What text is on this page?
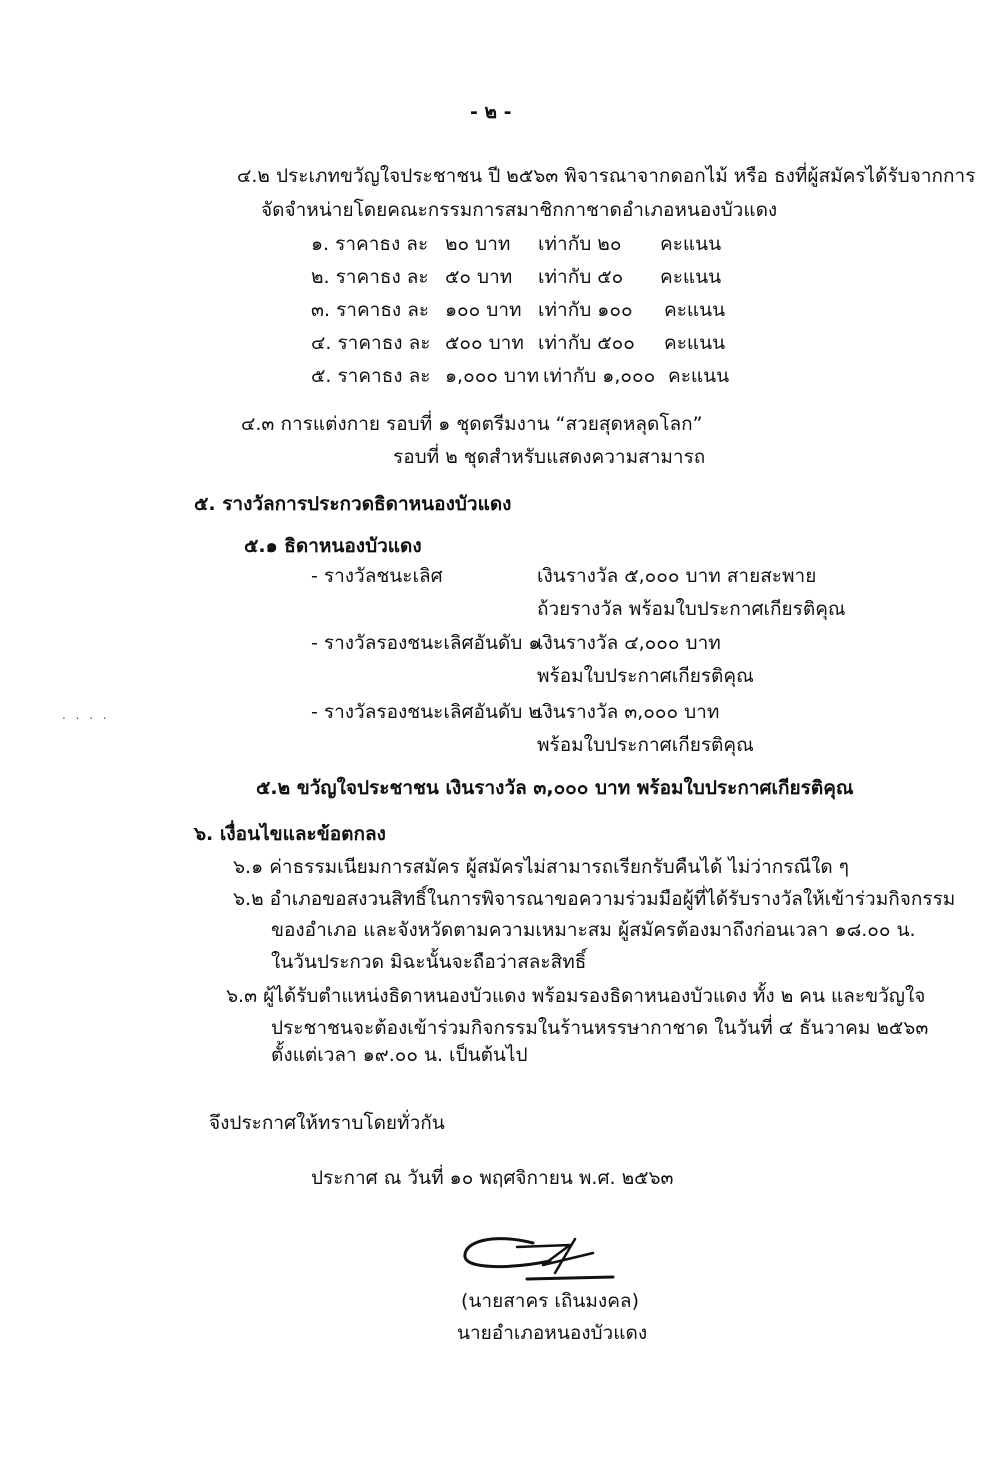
- ๒ -
๔.๒ ประเภทขวัญใจประชาชน ปี ๒๕๖๓ พิจารณาจากดอกไม้ หรือ ธงที่ผู้สมัครได้รับจากการ
จัดจำหน่ายโดยคณะกรรมการสมาชิกกาชาดอำเภอหนองบัวแดง
๑. ราคาธง ละ ๒๐ บาท เท่ากับ ๒๐ คะแนน
๒. ราคาธง ละ ๕๐ บาท เท่ากับ ๕๐ คะแนน
๓. ราคาธง ละ ๑๐๐ บาท เท่ากับ ๑๐๐ คะแนน
๔. ราคาธง ละ ๕๐๐ บาท เท่ากับ ๕๐๐ คะแนน
๕. ราคาธง ละ ๑,๐๐๐ บาท เท่ากับ ๑,๐๐๐ คะแนน
๔.๓ การแต่งกาย รอบที่ ๑ ชุดตรีมงาน “สวยสุดหลุดโลก”
รอบที่ ๒ ชุดสำหรับแสดงความสามารถ
๕. รางวัลการประกวดธิดาหนองบัวแดง
๕.๑ ธิดาหนองบัวแดง
- รางวัลชนะเลิศ	เงินรางวัล ๕,๐๐๐ บาท สายสะพาย
ถ้วยรางวัล พร้อมใบประกาศเกียรติคุณ
- รางวัลรองชนะเลิศอันดับ ๑
เงินรางวัล ๔,๐๐๐ บาท
พร้อมใบประกาศเกียรติคุณ
- รางวัลรองชนะเลิศอันดับ ๒
เงินรางวัล ๓,๐๐๐ บาท
พร้อมใบประกาศเกียรติคุณ
. . . .
๕.๒ ขวัญใจประชาชน เงินรางวัล ๓,๐๐๐ บาท พร้อมใบประกาศเกียรติคุณ
๖. เงื่อนไขและข้อตกลง
๖.๑ ค่าธรรมเนียมการสมัคร ผู้สมัครไม่สามารถเรียกรับคืนได้ ไม่ว่ากรณีใด ๆ
๖.๒ อำเภอขอสงวนสิทธิ์ในการพิจารณาขอความร่วมมือผู้ที่ได้รับรางวัลให้เข้าร่วมกิจกรรม
ของอำเภอ และจังหวัดตามความเหมาะสม ผู้สมัครต้องมาถึงก่อนเวลา ๑๘.๐๐ น.
ในวันประกวด มิฉะนั้นจะถือว่าสละสิทธิ์
๖.๓ ผู้ได้รับตำแหน่งธิดาหนองบัวแดง พร้อมรองธิดาหนองบัวแดง ทั้ง ๒ คน และขวัญใจ
ประชาชนจะต้องเข้าร่วมกิจกรรมในร้านหรรษากาชาด ในวันที่ ๔ ธันวาคม ๒๕๖๓
ตั้งแต่เวลา ๑๙.๐๐ น. เป็นต้นไป
จึงประกาศให้ทราบโดยทั่วกัน
ประกาศ ณ วันที่ ๑๐ พฤศจิกายน พ.ศ. ๒๕๖๓
(นายสาคร เถินมงคล)
นายอำเภอหนองบัวแดง
